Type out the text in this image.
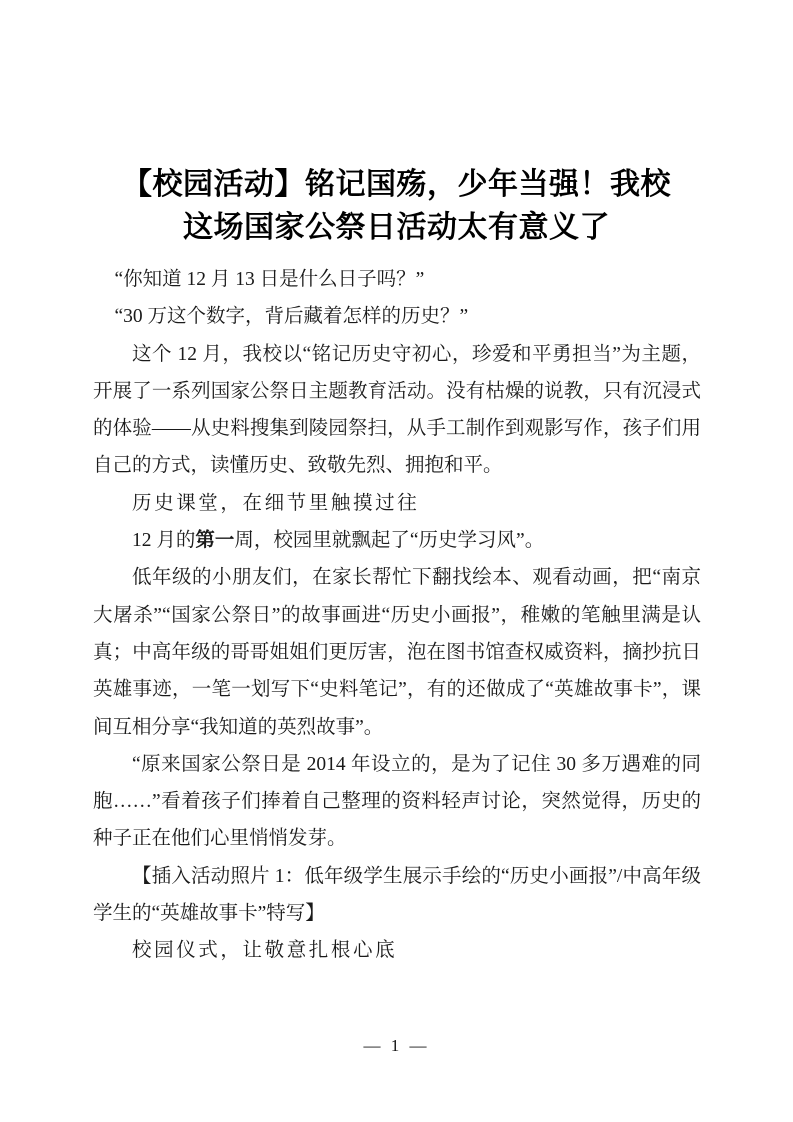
【校园活动】铭记国殇，少年当强！我校
这场国家公祭日活动太有意义了

“你知道 12 月 13 日是什么日子吗？”

“30 万这个数字，背后藏着怎样的历史？”

这个 12 月，我校以“铭记历史守初心，珍爱和平勇担当”为主题，开展了一系列国家公祭日主题教育活动。没有枯燥的说教，只有沉浸式的体验——从史料搜集到陵园祭扫，从手工制作到观影写作，孩子们用自己的方式，读懂历史、致敬先烈、拥抱和平。

历史课堂，在细节里触摸过往

12 月的第一周，校园里就飘起了“历史学习风”。

低年级的小朋友们，在家长帮忙下翻找绘本、观看动画，把“南京大屠杀”“国家公祭日”的故事画进“历史小画报”，稚嫩的笔触里满是认真；中高年级的哥哥姐姐们更厉害，泡在图书馆查权威资料，摘抄抗日英雄事迹，一笔一划写下“史料笔记”，有的还做成了“英雄故事卡”，课间互相分享“我知道的英烈故事”。

“原来国家公祭日是 2014 年设立的，是为了记住 30 多万遇难的同胞……”看着孩子们捧着自己整理的资料轻声讨论，突然觉得，历史的种子正在他们心里悄悄发芽。

【插入活动照片 1：低年级学生展示手绘的“历史小画报”/中高年级学生的“英雄故事卡”特写】

校园仪式，让敬意扎根心底

— 1 —
